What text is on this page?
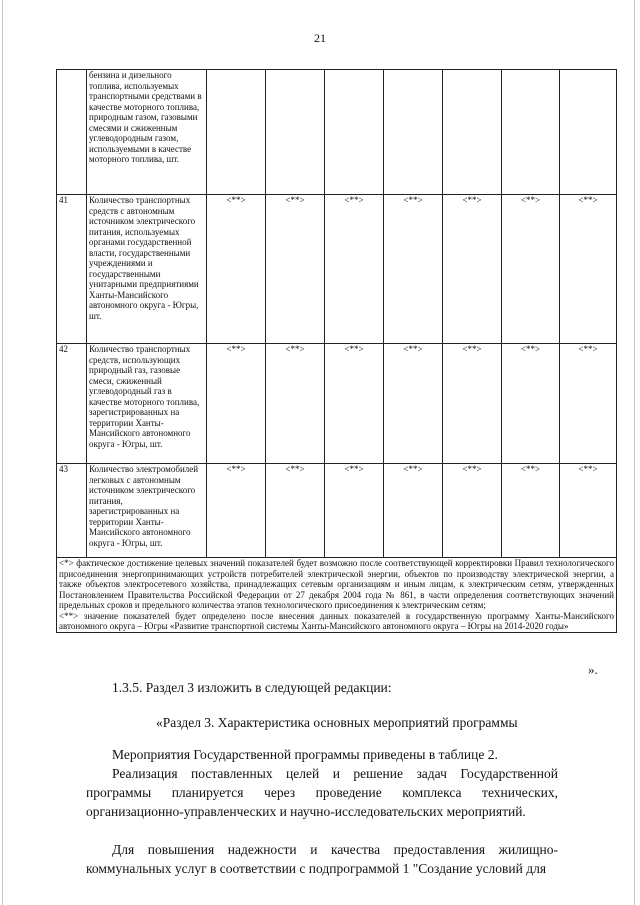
21
	бензина и дизельного топлива, используемых транспортными средствами в качестве моторного топлива, природным газом, газовыми смесями и сжиженным углеводородным газом, используемыми в качестве моторного топлива, шт.							
41	Количество транспортных средств с автономным источником электрического питания, используемых органами государственной власти, государственными учреждениями и государственными унитарными предприятиями Ханты-Мансийского автономного округа - Югры, шт.	<**>	<**>	<**>	<**>	<**>	<**>	<**>
42	Количество транспортных средств, использующих природный газ, газовые смеси, сжиженный углеводородный газ в качестве моторного топлива, зарегистрированных на территории Ханты-Мансийского автономного округа - Югры, шт.	<**>	<**>	<**>	<**>	<**>	<**>	<**>
43	Количество электромобилей легковых с автономным источником электрического питания, зарегистрированных на территории Ханты-Мансийского автономного округа - Югры, шт.	<**>	<**>	<**>	<**>	<**>	<**>	<**>

<*> фактическое достижение целевых значений показателей будет возможно после соответствующей корректировки Правил технологического присоединения энергопринимающих устройств потребителей электрической энергии, объектов по производству электрической энергии, а также объектов электросетевого хозяйства, принадлежащих сетевым организациям и иным лицам, к электрическим сетям, утвержденных Постановлением Правительства Российской Федерации от 27 декабря 2004 года № 861, в части определения соответствующих значений предельных сроков и предельного количества этапов технологического присоединения к электрическим сетям;
<**> значение показателей будет определено после внесения данных показателей в государственную программу Ханты-Мансийского автономного округа – Югры «Развитие транспортной системы Ханты-Мансийского автономного округа – Югры на 2014-2020 годы»								
».
1.3.5. Раздел 3 изложить в следующей редакции:
«Раздел 3. Характеристика основных мероприятий программы
Мероприятия Государственной программы приведены в таблице 2.
Реализация поставленных целей и решение задач Государственной программы планируется через проведение комплекса технических, организационно-управленческих и научно-исследовательских мероприятий.
Для повышения надежности и качества предоставления жилищно-коммунальных услуг в соответствии с подпрограммой 1 "Создание условий для
